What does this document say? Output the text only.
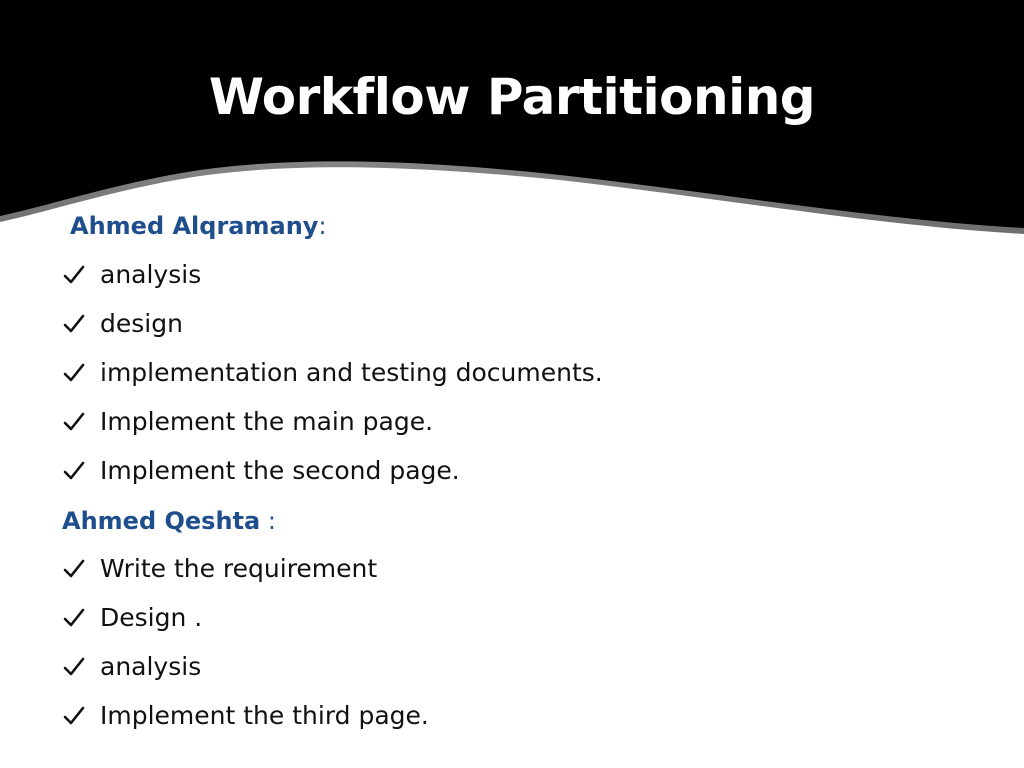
Workflow Partitioning
Ahmed Alqramany:
analysis
design
implementation and testing documents.
Implement the main page.
Implement the second page.
Ahmed Qeshta :
Write the requirement
Design .
analysis
Implement the third page.
